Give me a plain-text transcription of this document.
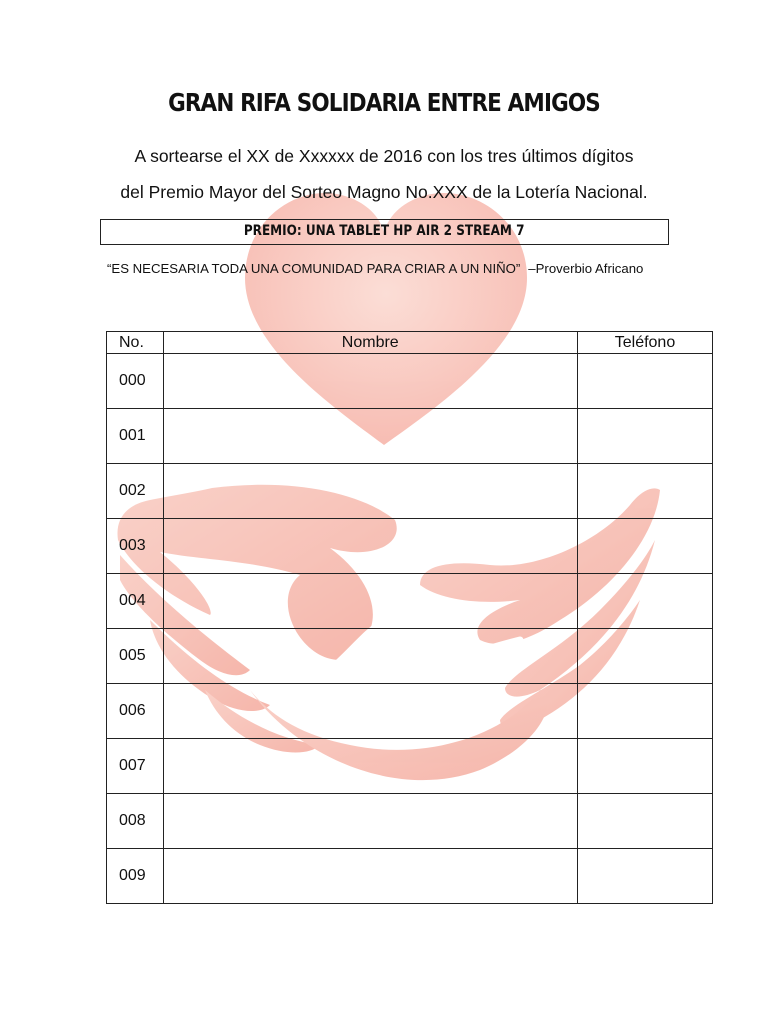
GRAN RIFA SOLIDARIA ENTRE AMIGOS
A sortearse el XX de Xxxxxx de 2016 con los tres últimos dígitos
del Premio Mayor del Sorteo Magno No.XXX de la Lotería Nacional.
PREMIO: UNA TABLET HP AIR 2 STREAM 7
“ES NECESARIA TODA UNA COMUNIDAD PARA CRIAR A UN NIÑO” –Proverbio Africano
No.	Nombre	Teléfono
000		
001		
002		
003		
004		
005		
006		
007		
008		
009		
